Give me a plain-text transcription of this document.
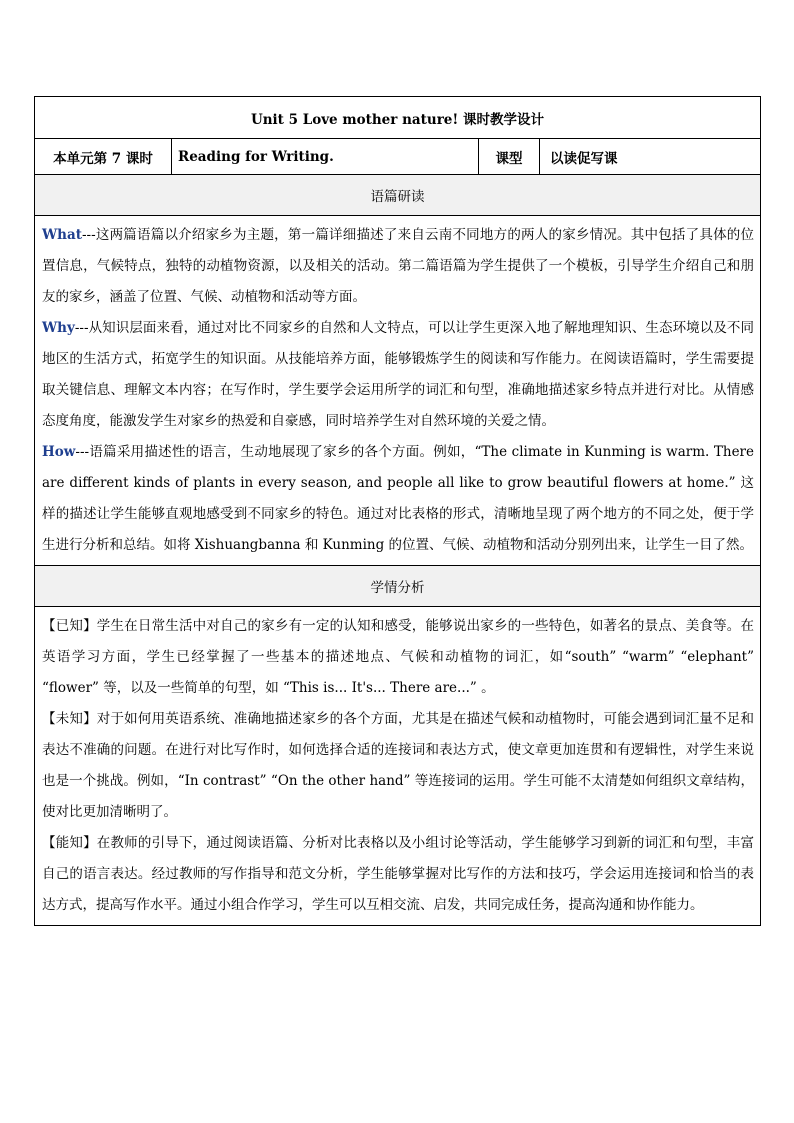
Unit 5 Love mother nature! 课时教学设计
本单元第 7 课时	Reading for Writing.	课型	以读促写课
语篇研读

What---这两篇语篇以介绍家乡为主题，第一篇详细描述了来自云南不同地方的两人的家乡情况。其中包括了具体的位置信息，气候特点，独特的动植物资源，以及相关的活动。第二篇语篇为学生提供了一个模板，引导学生介绍自己和朋友的家乡，涵盖了位置、气候、动植物和活动等方面。

Why---从知识层面来看，通过对比不同家乡的自然和人文特点，可以让学生更深入地了解地理知识、生态环境以及不同地区的生活方式，拓宽学生的知识面。从技能培养方面，能够锻炼学生的阅读和写作能力。在阅读语篇时，学生需要提取关键信息、理解文本内容；在写作时，学生要学会运用所学的词汇和句型，准确地描述家乡特点并进行对比。从情感态度角度，能激发学生对家乡的热爱和自豪感，同时培养学生对自然环境的关爱之情。

How---语篇采用描述性的语言，生动地展现了家乡的各个方面。例如，“The climate in Kunming is warm. There are different kinds of plants in every season, and people all like to grow beautiful flowers at home.” 这样的描述让学生能够直观地感受到不同家乡的特色。通过对比表格的形式，清晰地呈现了两个地方的不同之处，便于学生进行分析和总结。如将 Xishuangbanna 和 Kunming 的位置、气候、动植物和活动分别列出来，让学生一目了然。

学情分析

【已知】学生在日常生活中对自己的家乡有一定的认知和感受，能够说出家乡的一些特色，如著名的景点、美食等。在英语学习方面，学生已经掌握了一些基本的描述地点、气候和动植物的词汇，如“south” “warm” “elephant” “flower” 等，以及一些简单的句型，如 “This is... It's... There are...” 。

【未知】对于如何用英语系统、准确地描述家乡的各个方面，尤其是在描述气候和动植物时，可能会遇到词汇量不足和表达不准确的问题。在进行对比写作时，如何选择合适的连接词和表达方式，使文章更加连贯和有逻辑性，对学生来说也是一个挑战。例如，“In contrast” “On the other hand” 等连接词的运用。学生可能不太清楚如何组织文章结构，使对比更加清晰明了。

【能知】在教师的引导下，通过阅读语篇、分析对比表格以及小组讨论等活动，学生能够学习到新的词汇和句型，丰富自己的语言表达。经过教师的写作指导和范文分析，学生能够掌握对比写作的方法和技巧，学会运用连接词和恰当的表达方式，提高写作水平。通过小组合作学习，学生可以互相交流、启发，共同完成任务，提高沟通和协作能力。
